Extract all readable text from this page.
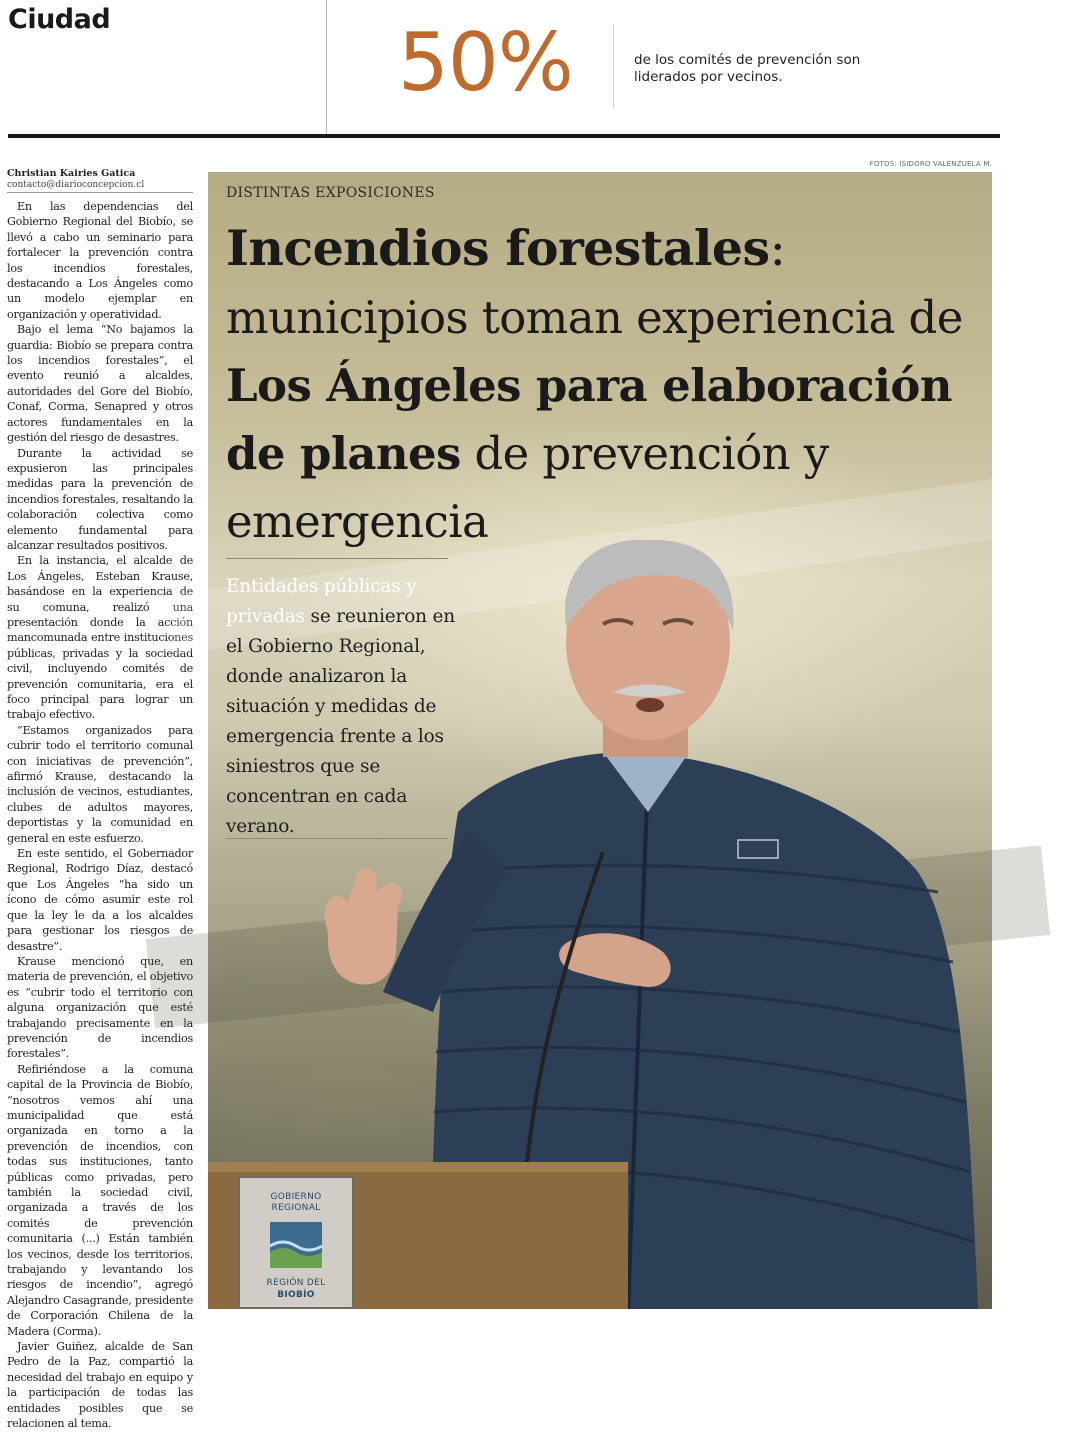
Ciudad	50%	de los comités de prevención son liderados por vecinos.
Christian Kairies Gatica
contacto@diarioconcepcion.cl

En las dependencias del Gobierno Regional del Biobío, se llevó a cabo un seminario para fortalecer la prevención contra los incendios forestales, destacando a Los Ángeles como un modelo ejemplar en organización y operatividad.

Bajo el lema “No bajamos la guardia: Biobío se prepara contra los incendios forestales”, el evento reunió a alcaldes, autoridades del Gore del Biobío, Conaf, Corma, Senapred y otros actores fundamentales en la gestión del riesgo de desastres.

Durante la actividad se expusieron las principales medidas para la prevención de incendios forestales, resaltando la colaboración colectiva como elemento fundamental para alcanzar resultados positivos.

En la instancia, el alcalde de Los Ángeles, Esteban Krause, basándose en la experiencia de su comuna, realizó una presentación donde la acción mancomunada entre instituciones públicas, privadas y la sociedad civil, incluyendo comités de prevención comunitaria, era el foco principal para lograr un trabajo efectivo.

“Estamos organizados para cubrir todo el territorio comunal con iniciativas de prevención”, afirmó Krause, destacando la inclusión de vecinos, estudiantes, clubes de adultos mayores, deportistas y la comunidad en general en este esfuerzo.

En este sentido, el Gobernador Regional, Rodrigo Díaz, destacó que Los Ángeles “ha sido un ícono de cómo asumir este rol que la ley le da a los alcaldes para gestionar los riesgos de desastre”.

Krause mencionó que, en materia de prevención, el objetivo es “cubrir todo el territorio con alguna organización que esté trabajando precisamente en la prevención de incendios forestales”.

Refiriéndose a la comuna capital de la Provincia de Biobío, “nosotros vemos ahí una municipalidad que está organizada en torno a la prevención de incendios, con todas sus instituciones, tanto públicas como privadas, pero también la sociedad civil, organizada a través de los comités de prevención comunitaria (...) Están también los vecinos, desde los territorios, trabajando y levantando los riesgos de incendio”, agregó Alejandro Casagrande, presidente de Corporación Chilena de la Madera (Corma).

Javier Guiñez, alcalde de San Pedro de la Paz, compartió la necesidad del trabajo en equipo y la participación de todas las entidades posibles que se relacionen al tema.

FOTOS: ISIDORO VALENZUELA M.
DISTINTAS EXPOSICIONES
Incendios forestales: municipios toman experiencia de Los Ángeles para elaboración de planes de prevención y emergencia
Entidades públicas y privadas se reunieron en el Gobierno Regional, donde analizaron la situación y medidas de emergencia frente a los siniestros que se concentran en cada verano.
GOBIERNO
REGIONAL
REGIÓN DEL
BIOBÍO
